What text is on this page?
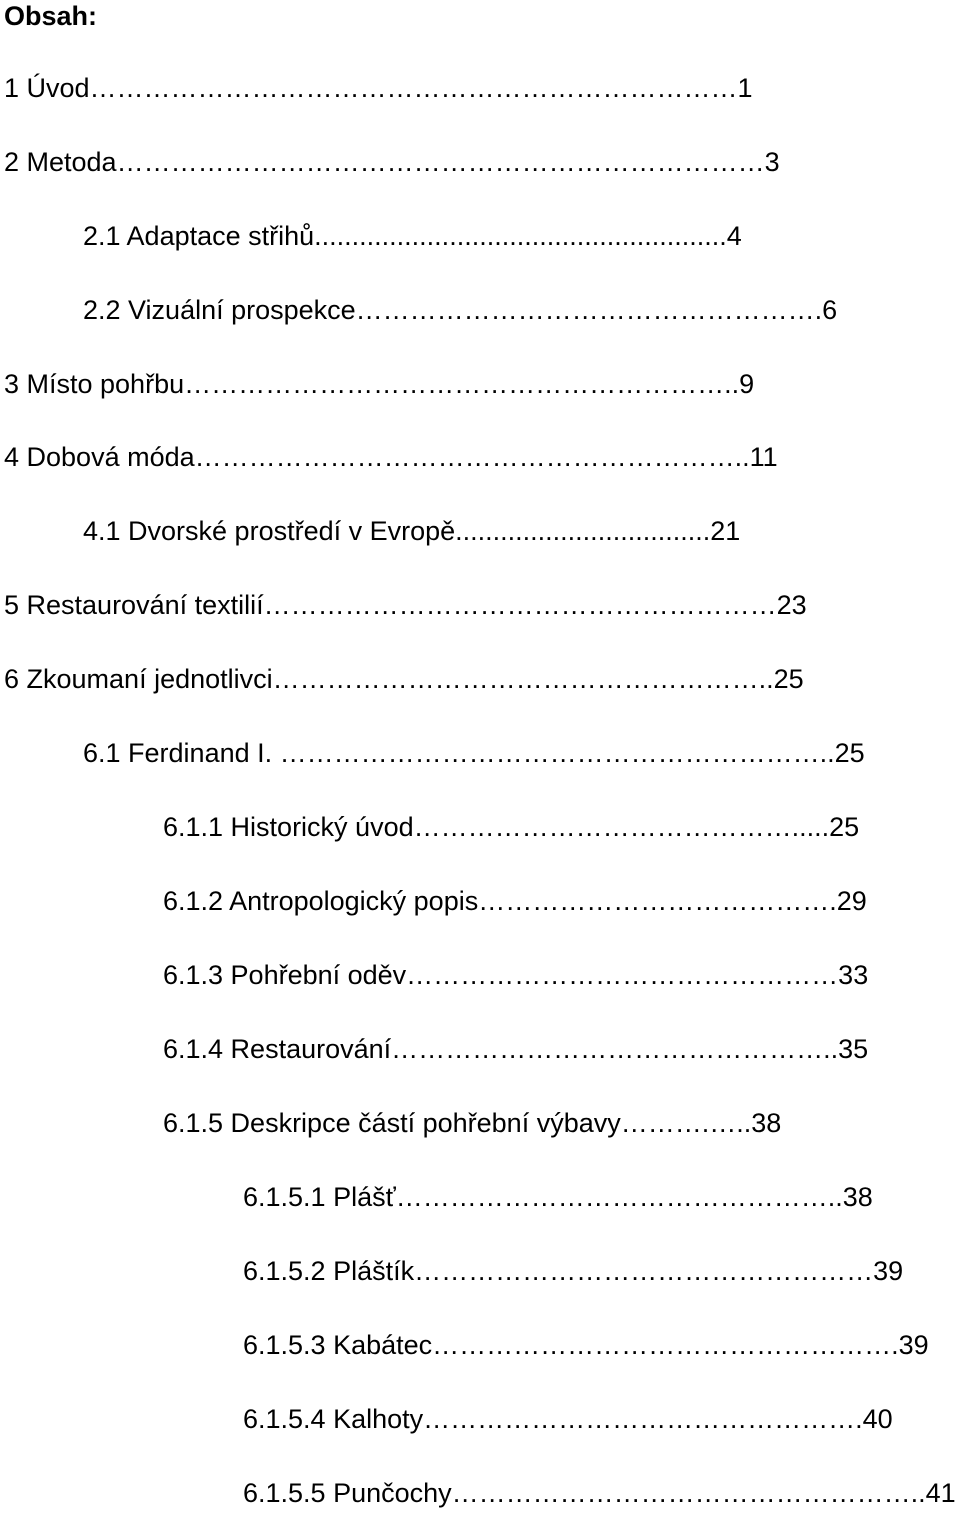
Obsah:
1 Úvod………………………………………………………………1
2 Metoda………………………………………………………………3
2.1 Adaptace střihů.......................................................4
2.2 Vizuální prospekce…………………………………………….6
3 Místo pohřbu……………………………………………………..9
4 Dobová móda……………………………………………………..11
4.1 Dvorské prostředí v Evropě..................................21
5 Restaurování textilií…………………………………………………23
6 Zkoumaní jednotlivci………………………………………………..25
6.1 Ferdinand I. ……………………………………………………..25
6.1.1 Historický úvod…………………………………….....25
6.1.2 Antropologický popis………………………………….29
6.1.3 Pohřební oděv…………………………………………33
6.1.4 Restaurování…………………………………………..35
6.1.5 Deskripce částí pohřební výbavy……….…..38
6.1.5.1 Plášť…………………………………………..38
6.1.5.2 Pláštík……………………………………………39
6.1.5.3 Kabátec…………………………………………….39
6.1.5.4 Kalhoty………………………………………….40
6.1.5.5 Punčochy……………………………………………..41
